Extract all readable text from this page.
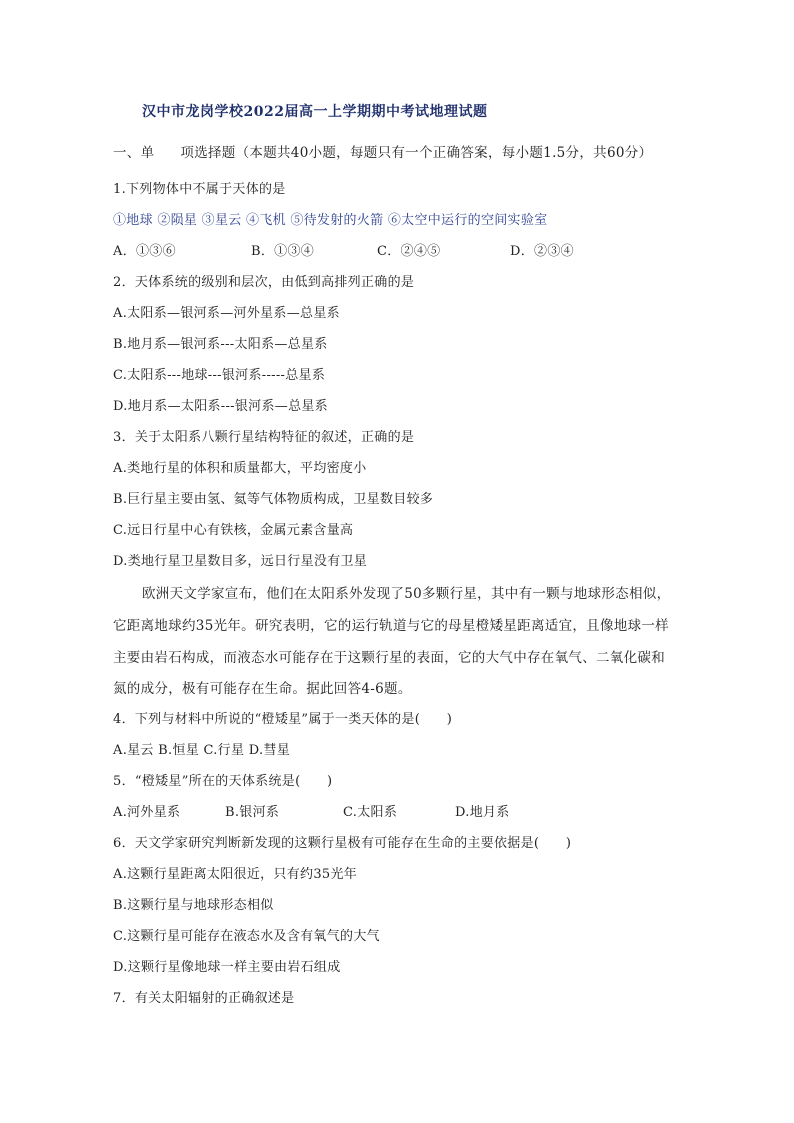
汉中市龙岗学校2022届高一上学期期中考试地理试题
一、单 项选择题（本题共40小题，每题只有一个正确答案，每小题1.5分，共60分）
1.下列物体中不属于天体的是
①地球 ②陨星 ③星云 ④飞机 ⑤待发射的火箭 ⑥太空中运行的空间实验室
A．①③⑥	B．①③④	C．②④⑤	D．②③④
2．天体系统的级别和层次，由低到高排列正确的是
A.太阳系—银河系—河外星系—总星系
B.地月系—银河系---太阳系—总星系
C.太阳系---地球---银河系-----总星系
D.地月系—太阳系---银河系—总星系
3．关于太阳系八颗行星结构特征的叙述，正确的是
A.类地行星的体积和质量都大，平均密度小
B.巨行星主要由氢、氦等气体物质构成，卫星数目较多
C.远日行星中心有铁核，金属元素含量高
D.类地行星卫星数目多，远日行星没有卫星
欧洲天文学家宣布，他们在太阳系外发现了50多颗行星，其中有一颗与地球形态相似，
它距离地球约35光年。研究表明，它的运行轨道与它的母星橙矮星距离适宜，且像地球一样
主要由岩石构成，而液态水可能存在于这颗行星的表面，它的大气中存在氧气、二氧化碳和
氮的成分，极有可能存在生命。据此回答4-6题。
4．下列与材料中所说的“橙矮星”属于一类天体的是(　　)
A.星云 B.恒星 C.行星 D.彗星
5．“橙矮星”所在的天体系统是(　　)
A.河外星系	B.银河系	C.太阳系	D.地月系
6．天文学家研究判断新发现的这颗行星极有可能存在生命的主要依据是(　　)
A.这颗行星距离太阳很近，只有约35光年
B.这颗行星与地球形态相似
C.这颗行星可能存在液态水及含有氧气的大气
D.这颗行星像地球一样主要由岩石组成
7．有关太阳辐射的正确叙述是
